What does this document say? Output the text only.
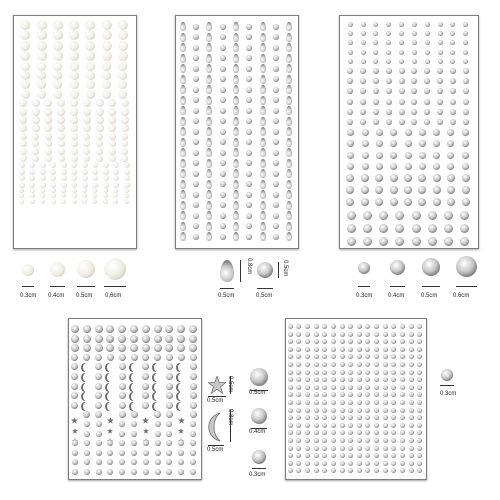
0.3cm 0.4cm 0.5cm 0.6cm	0.5cm
0.8cm
0.5cm
0.5cm
0.3cm	0.4cm	0.5cm	0.6cm
0.5cm
0.5cm
0.8cm
0.5cm
0.5cm
0.4cm
0.3cm
0.3cm
